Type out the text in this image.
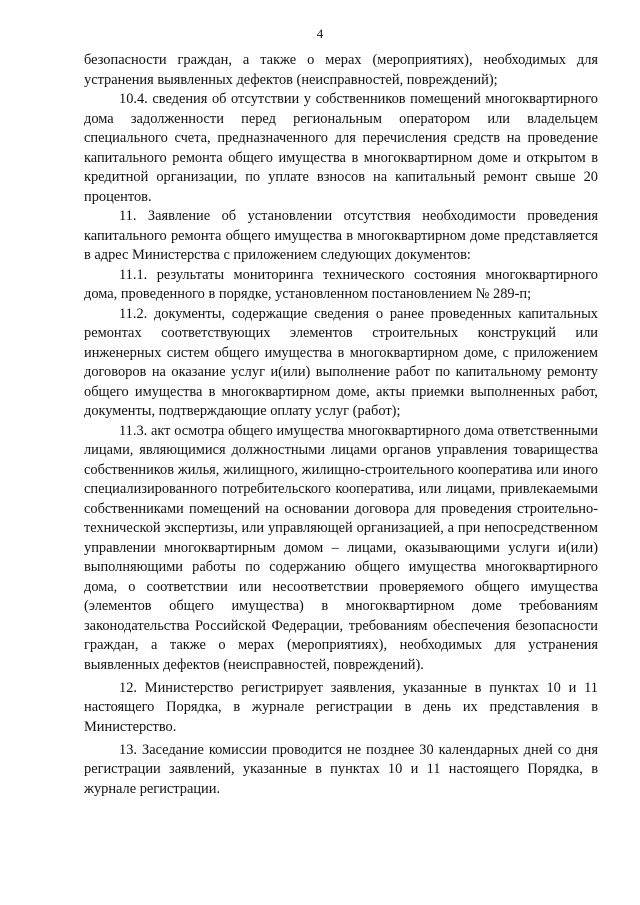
4

безопасности граждан, а также о мерах (мероприятиях), необходимых для устранения выявленных дефектов (неисправностей, повреждений);

10.4. сведения об отсутствии у собственников помещений многоквартирного дома задолженности перед региональным оператором или владельцем специального счета, предназначенного для перечисления средств на проведение капитального ремонта общего имущества в многоквартирном доме и открытом в кредитной организации, по уплате взносов на капитальный ремонт свыше 20 процентов.

11. Заявление об установлении отсутствия необходимости проведения капитального ремонта общего имущества в многоквартирном доме представляется в адрес Министерства с приложением следующих документов:

11.1. результаты мониторинга технического состояния многоквартирного дома, проведенного в порядке, установленном постановлением № 289-п;

11.2. документы, содержащие сведения о ранее проведенных капитальных ремонтах соответствующих элементов строительных конструкций или инженерных систем общего имущества в многоквартирном доме, с приложением договоров на оказание услуг и(или) выполнение работ по капитальному ремонту общего имущества в многоквартирном доме, акты приемки выполненных работ, документы, подтверждающие оплату услуг (работ);

11.3. акт осмотра общего имущества многоквартирного дома ответственными лицами, являющимися должностными лицами органов управления товарищества собственников жилья, жилищного, жилищно-строительного кооператива или иного специализированного потребительского кооператива, или лицами, привлекаемыми собственниками помещений на основании договора для проведения строительно-технической экспертизы, или управляющей организацией, а при непосредственном управлении многоквартирным домом – лицами, оказывающими услуги и(или) выполняющими работы по содержанию общего имущества многоквартирного дома, о соответствии или несоответствии проверяемого общего имущества (элементов общего имущества) в многоквартирном доме требованиям законодательства Российской Федерации, требованиям обеспечения безопасности граждан, а также о мерах (мероприятиях), необходимых для устранения выявленных дефектов (неисправностей, повреждений).

12. Министерство регистрирует заявления, указанные в пунктах 10 и 11 настоящего Порядка, в журнале регистрации в день их представления в Министерство.

13. Заседание комиссии проводится не позднее 30 календарных дней со дня регистрации заявлений, указанные в пунктах 10 и 11 настоящего Порядка, в журнале регистрации.
